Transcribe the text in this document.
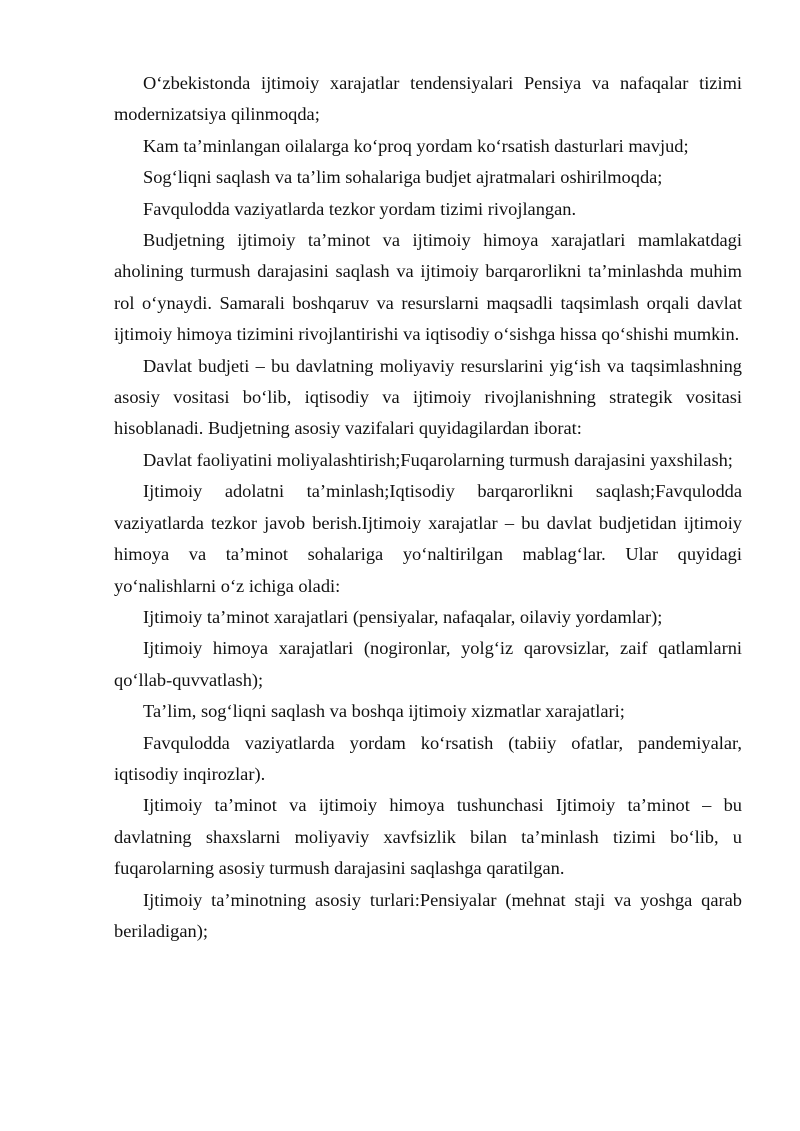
O‘zbekistonda ijtimoiy xarajatlar tendensiyalari Pensiya va nafaqalar tizimi modernizatsiya qilinmoqda;

Kam ta’minlangan oilalarga ko‘proq yordam ko‘rsatish dasturlari mavjud;

Sog‘liqni saqlash va ta’lim sohalariga budjet ajratmalari oshirilmoqda;

Favqulodda vaziyatlarda tezkor yordam tizimi rivojlangan.

Budjetning ijtimoiy ta’minot va ijtimoiy himoya xarajatlari mamlakatdagi aholining turmush darajasini saqlash va ijtimoiy barqarorlikni ta’minlashda muhim rol o‘ynaydi. Samarali boshqaruv va resurslarni maqsadli taqsimlash orqali davlat ijtimoiy himoya tizimini rivojlantirishi va iqtisodiy o‘sishga hissa qo‘shishi mumkin.

Davlat budjeti – bu davlatning moliyaviy resurslarini yig‘ish va taqsimlashning asosiy vositasi bo‘lib, iqtisodiy va ijtimoiy rivojlanishning strategik vositasi hisoblanadi. Budjetning asosiy vazifalari quyidagilardan iborat:

Davlat faoliyatini moliyalashtirish;Fuqarolarning turmush darajasini yaxshilash;

Ijtimoiy adolatni ta’minlash;Iqtisodiy barqarorlikni saqlash;Favqulodda vaziyatlarda tezkor javob berish.Ijtimoiy xarajatlar – bu davlat budjetidan ijtimoiy himoya va ta’minot sohalariga yo‘naltirilgan mablag‘lar. Ular quyidagi yo‘nalishlarni o‘z ichiga oladi:

Ijtimoiy ta’minot xarajatlari (pensiyalar, nafaqalar, oilaviy yordamlar);

Ijtimoiy himoya xarajatlari (nogironlar, yolg‘iz qarovsizlar, zaif qatlamlarni qo‘llab-quvvatlash);

Ta’lim, sog‘liqni saqlash va boshqa ijtimoiy xizmatlar xarajatlari;

Favqulodda vaziyatlarda yordam ko‘rsatish (tabiiy ofatlar, pandemiyalar, iqtisodiy inqirozlar).

Ijtimoiy ta’minot va ijtimoiy himoya tushunchasi Ijtimoiy ta’minot – bu davlatning shaxslarni moliyaviy xavfsizlik bilan ta’minlash tizimi bo‘lib, u fuqarolarning asosiy turmush darajasini saqlashga qaratilgan.

Ijtimoiy ta’minotning asosiy turlari:Pensiyalar (mehnat staji va yoshga qarab beriladigan);
